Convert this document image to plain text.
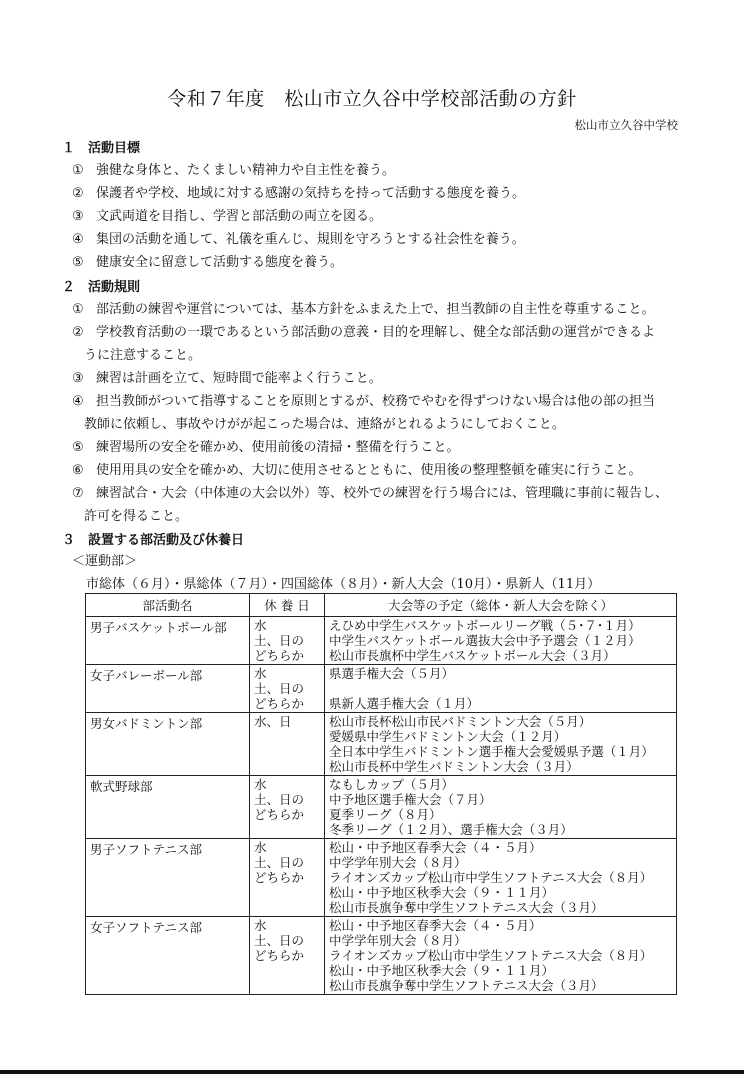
令和７年度　松山市立久谷中学校部活動の方針
松山市立久谷中学校
１　活動目標
① 強健な身体と、たくましい精神力や自主性を養う。
② 保護者や学校、地域に対する感謝の気持ちを持って活動する態度を養う。
③ 文武両道を目指し、学習と部活動の両立を図る。
④ 集団の活動を通して、礼儀を重んじ、規則を守ろうとする社会性を養う。
⑤ 健康安全に留意して活動する態度を養う。
２　活動規則
① 部活動の練習や運営については、基本方針をふまえた上で、担当教師の自主性を尊重すること。
② 学校教育活動の一環であるという部活動の意義・目的を理解し、健全な部活動の運営ができるよ
うに注意すること。
③ 練習は計画を立て、短時間で能率よく行うこと。
④ 担当教師がついて指導することを原則とするが、校務でやむを得ずつけない場合は他の部の担当
教師に依頼し、事故やけがが起こった場合は、連絡がとれるようにしておくこと。
⑤ 練習場所の安全を確かめ、使用前後の清掃・整備を行うこと。
⑥ 使用用具の安全を確かめ、大切に使用させるとともに、使用後の整理整頓を確実に行うこと。
⑦ 練習試合・大会（中体連の大会以外）等、校外での練習を行う場合には、管理職に事前に報告し、
許可を得ること。
３　設置する部活動及び休養日
＜運動部＞
市総体（６月）・県総体（７月）・四国総体（８月）・新人大会（10月）・県新人（11月）
部活動名	休 養 日	大会等の予定（総体・新人大会を除く）
男子バスケットボール部	水
土、日の
どちらか	えひめ中学生バスケットボールリーグ戦（５･７･１月）
中学生バスケットボール選抜大会中予予選会（１２月）
松山市長旗杯中学生バスケットボール大会（３月）

女子バレーボール部	水
土、日の
どちらか	県選手権大会（５月）
県新人選手権大会（１月）

男女バドミントン部	水、日	松山市長杯松山市民バドミントン大会（５月）
愛媛県中学生バドミントン大会（１２月）
全日本中学生バドミントン選手権大会愛媛県予選（１月）
松山市長杯中学生バドミントン大会（３月）

軟式野球部	水
土、日の
どちらか	なもしカップ（５月）
中予地区選手権大会（７月）
夏季リーグ（８月）
冬季リーグ（１２月）、選手権大会（３月）

男子ソフトテニス部	水
土、日の
どちらか	松山・中予地区春季大会（４・５月）
中学学年別大会（８月）
ライオンズカップ松山市中学生ソフトテニス大会（８月）
松山・中予地区秋季大会（９・１１月）
松山市長旗争奪中学生ソフトテニス大会（３月）

女子ソフトテニス部	水
土、日の
どちらか	松山・中予地区春季大会（４・５月）
中学学年別大会（８月）
ライオンズカップ松山市中学生ソフトテニス大会（８月）
松山・中予地区秋季大会（９・１１月）
松山市長旗争奪中学生ソフトテニス大会（３月）
